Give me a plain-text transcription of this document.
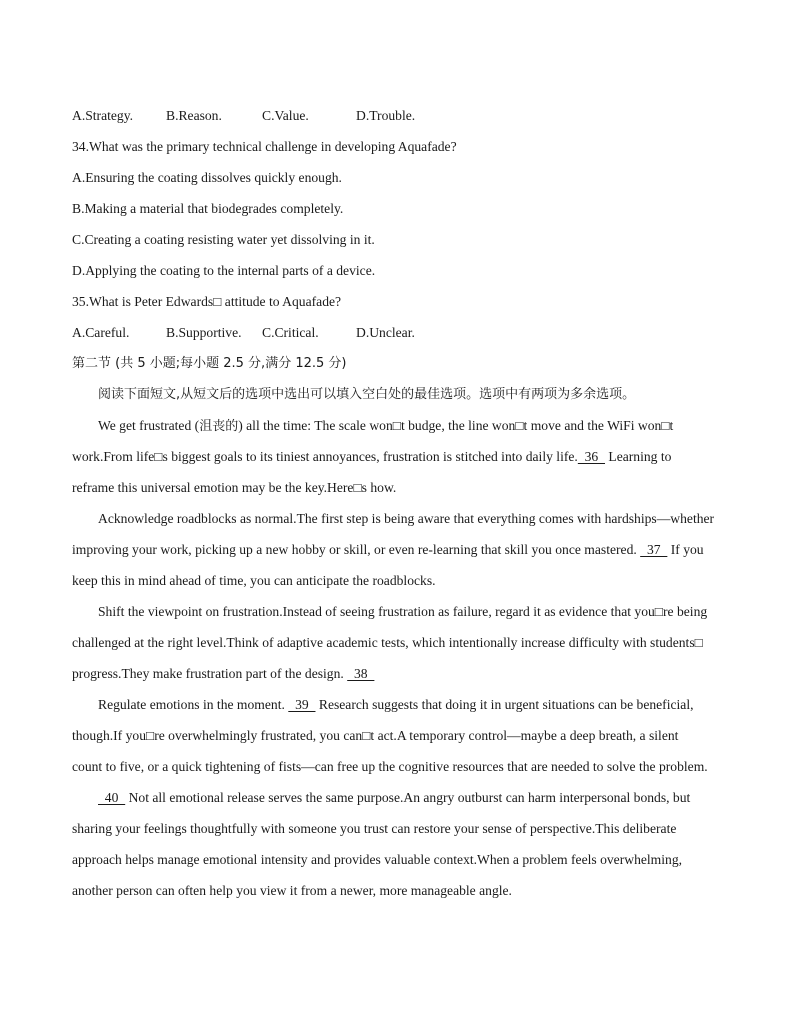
A.Strategy. B.Reason.	C.Value.	D.Trouble.
34.What was the primary technical challenge in developing Aquafade?
A.Ensuring the coating dissolves quickly enough.
B.Making a material that biodegrades completely.
C.Creating a coating resisting water yet dissolving in it.
D.Applying the coating to the internal parts of a device.
35.What is Peter Edwards□ attitude to Aquafade?
A.Careful.	B.Supportive. C.Critical.	D.Unclear.
第二节 (共 5 小题;每小题 2.5 分,满分 12.5 分)
阅读下面短文,从短文后的选项中选出可以填入空白处的最佳选项。选项中有两项为多余选项。
We get frustrated (沮丧的) all the time: The scale won□t budge, the line won□t move and the WiFi won□t
work.From life□s biggest goals to its tiniest annoyances, frustration is stitched into daily life.  36   Learning to
reframe this universal emotion may be the key.Here□s how.
Acknowledge roadblocks as normal.The first step is being aware that everything comes with hardships—whether
improving your work, picking up a new hobby or skill, or even re-learning that skill you once mastered.   37   If you
keep this in mind ahead of time, you can anticipate the roadblocks.
Shift the viewpoint on frustration.Instead of seeing frustration as failure, regard it as evidence that you□re being
challenged at the right level.Think of adaptive academic tests, which intentionally increase difficulty with students□
progress.They make frustration part of the design.   38
Regulate emotions in the moment.   39   Research suggests that doing it in urgent situations can be beneficial,
though.If you□re overwhelmingly frustrated, you can□t act.A temporary control—maybe a deep breath, a silent
count to five, or a quick tightening of fists—can free up the cognitive resources that are needed to solve the problem.
40   Not all emotional release serves the same purpose.An angry outburst can harm interpersonal bonds, but
sharing your feelings thoughtfully with someone you trust can restore your sense of perspective.This deliberate
approach helps manage emotional intensity and provides valuable context.When a problem feels overwhelming,
another person can often help you view it from a newer, more manageable angle.
